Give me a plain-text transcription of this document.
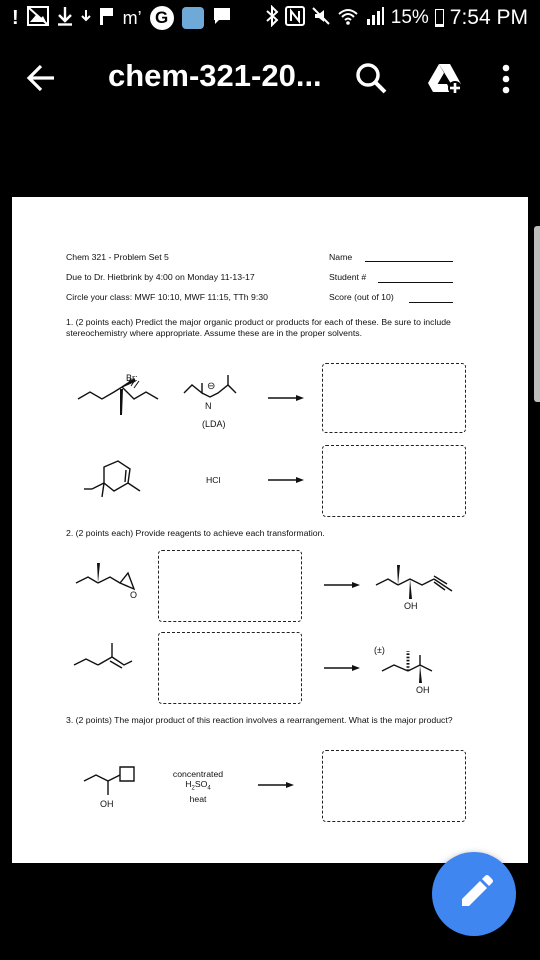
!	m’ G	15% 7:54 PM
chem-321-20...
Chem 321 - Problem Set 5
Due to Dr. Hietbrink by 4:00 on Monday 11-13-17
Circle your class: MWF 10:10, MWF 11:15, TTh 9:30
Name
Student #
Score (out of 10)
1. (2 points each) Predict the major organic product or products for each of these. Be sure to include stereochemistry where appropriate. Assume these are in the proper solvents.
Br:
N
⊖
(LDA)
HCl
2. (2 points each) Provide reagents to achieve each transformation.
O
OH
(±)
OH
3. (2 points) The major product of this reaction involves a rearrangement. What is the major product?
OH
concentrated
$H_2SO_4$
heat
